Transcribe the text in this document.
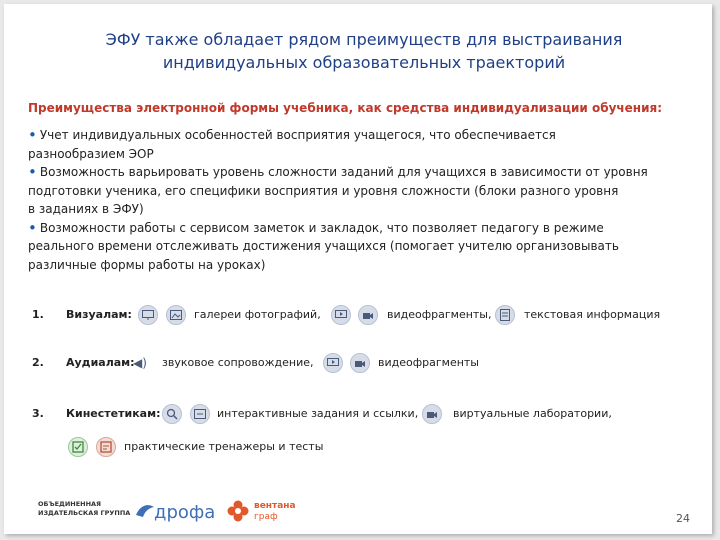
ЭФУ также обладает рядом преимуществ для выстраивания
индивидуальных образовательных траекторий
Преимущества электронной формы учебника, как средства индивидуализации обучения:
• Учет индивидуальных особенностей восприятия учащегося, что обеспечивается
разнообразием ЭОР
• Возможность варьировать уровень сложности заданий для учащихся в зависимости от уровня
подготовки ученика, его специфики восприятия и уровня сложности (блоки разного уровня
в заданиях в ЭФУ)
• Возможности работы с сервисом заметок и закладок, что позволяет педагогу в режиме
реального времени отслеживать достижения учащихся (помогает учителю организовывать
различные формы работы на уроках)
1. Визуалам:	галереи фотографий,	видеофрагменты,	текстовая информация
2. Аудиалам:
◀) звуковое сопровождение,	видеофрагменты
3. Кинестетикам:	интерактивные задания и ссылки,	виртуальные лаборатории,
практические тренажеры и тесты
ОБЪЕДИНЕННАЯ
ИЗДАТЕЛЬСКАЯ ГРУППА дрофа	вентана
граф	24
